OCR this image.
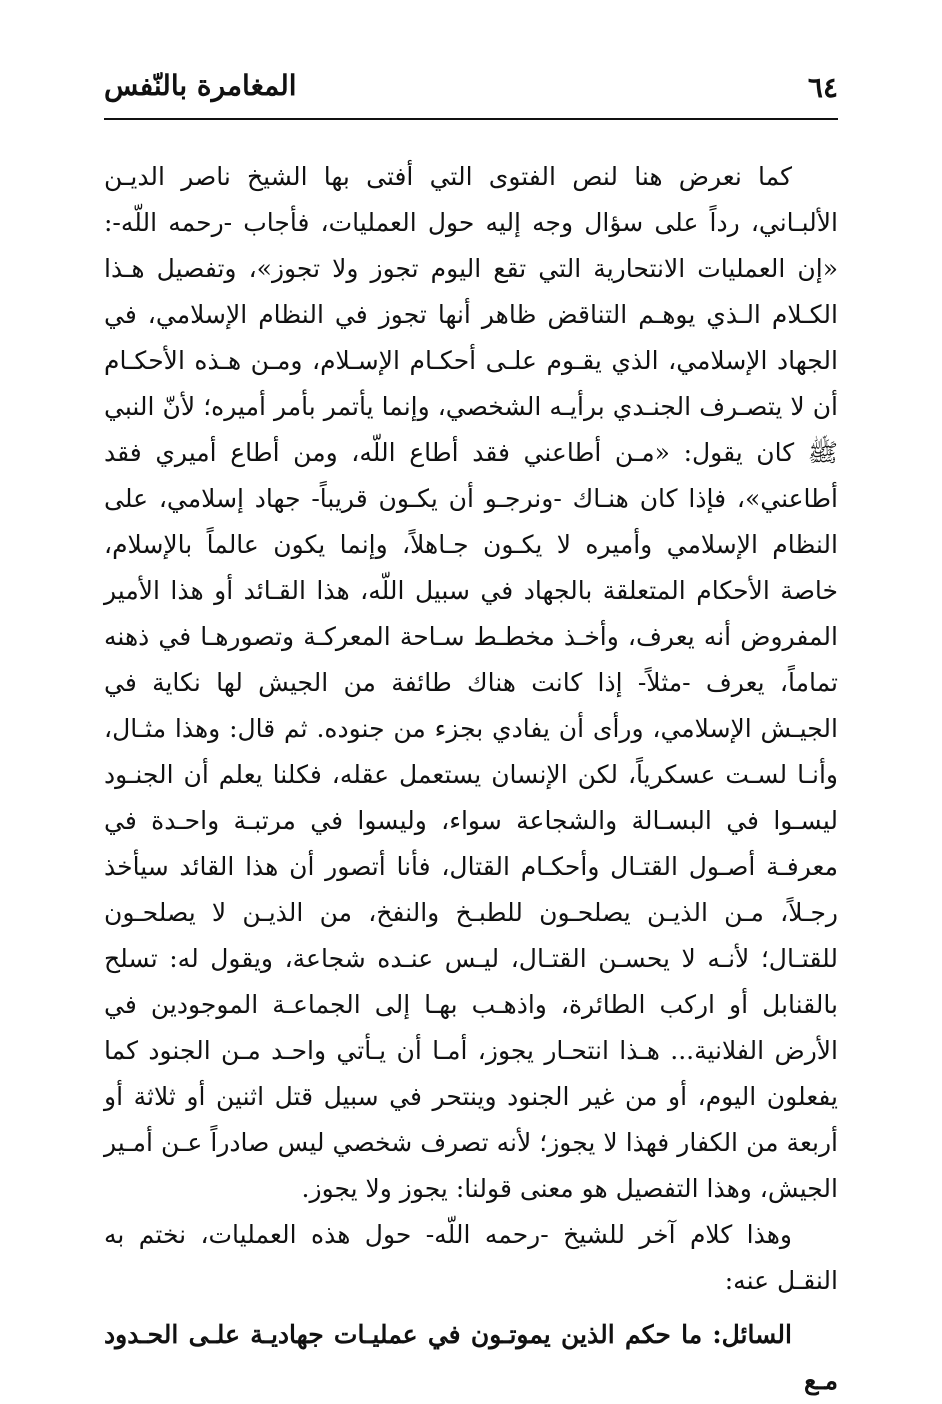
٦٤
المغامرة بالنّفس

كما نعرض هنا لنص الفتوى التي أفتى بها الشيخ ناصر الديـن الألبـاني، رداً على سؤال وجه إليه حول العمليات، فأجاب -رحمه اللّه-: «إن العمليات الانتحارية التي تقع اليوم تجوز ولا تجوز»، وتفصيل هـذا الكـلام الـذي يوهـم التناقض ظاهر أنها تجوز في النظام الإسلامي، في الجهاد الإسلامي، الذي يقـوم علـى أحكـام الإسـلام، ومـن هـذه الأحكـام أن لا يتصـرف الجنـدي برأيـه الشخصي، وإنما يأتمر بأمر أميره؛ لأنّ النبي ﷺ كان يقول: «مـن أطاعني فقد أطاع اللّه، ومن أطاع أميري فقد أطاعني»، فإذا كان هنـاك -ونرجـو أن يكـون قريباً- جهاد إسلامي، على النظام الإسلامي وأميره لا يكـون جـاهلاً، وإنما يكون عالماً بالإسلام، خاصة الأحكام المتعلقة بالجهاد في سبيل اللّه، هذا القـائد أو هذا الأمير المفروض أنه يعرف، وأخـذ مخطـط سـاحة المعركـة وتصورهـا في ذهنه تماماً، يعرف -مثلاً- إذا كانت هناك طائفة من الجيش لها نكاية في الجيـش الإسلامي، ورأى أن يفادي بجزء من جنوده. ثم قال: وهذا مثـال، وأنـا لسـت عسكرياً، لكن الإنسان يستعمل عقله، فكلنا يعلم أن الجنـود ليسـوا في البسـالة والشجاعة سواء، وليسوا في مرتبـة واحـدة في معرفـة أصـول القتـال وأحكـام القتال، فأنا أتصور أن هذا القائد سيأخذ رجـلاً، مـن الذيـن يصلحـون للطبـخ والنفخ، من الذيـن لا يصلحـون للقتـال؛ لأنـه لا يحسـن القتـال، ليـس عنـده شجاعة، ويقول له: تسلح بالقنابل أو اركب الطائرة، واذهـب بهـا إلى الجماعـة الموجودين في الأرض الفلانية... هـذا انتحـار يجوز، أمـا أن يـأتي واحـد مـن الجنود كما يفعلون اليوم، أو من غير الجنود وينتحر في سبيل قتل اثنين أو ثلاثة أو أربعة من الكفار فهذا لا يجوز؛ لأنه تصرف شخصي ليس صادراً عـن أمـير الجيش، وهذا التفصيل هو معنى قولنا: يجوز ولا يجوز.

وهذا كلام آخر للشيخ -رحمه اللّه- حول هذه العمليات، نختم به النقـل عنه:

السائل: ما حكم الذين يموتـون في عمليـات جهاديـة علـى الحـدود مـع
